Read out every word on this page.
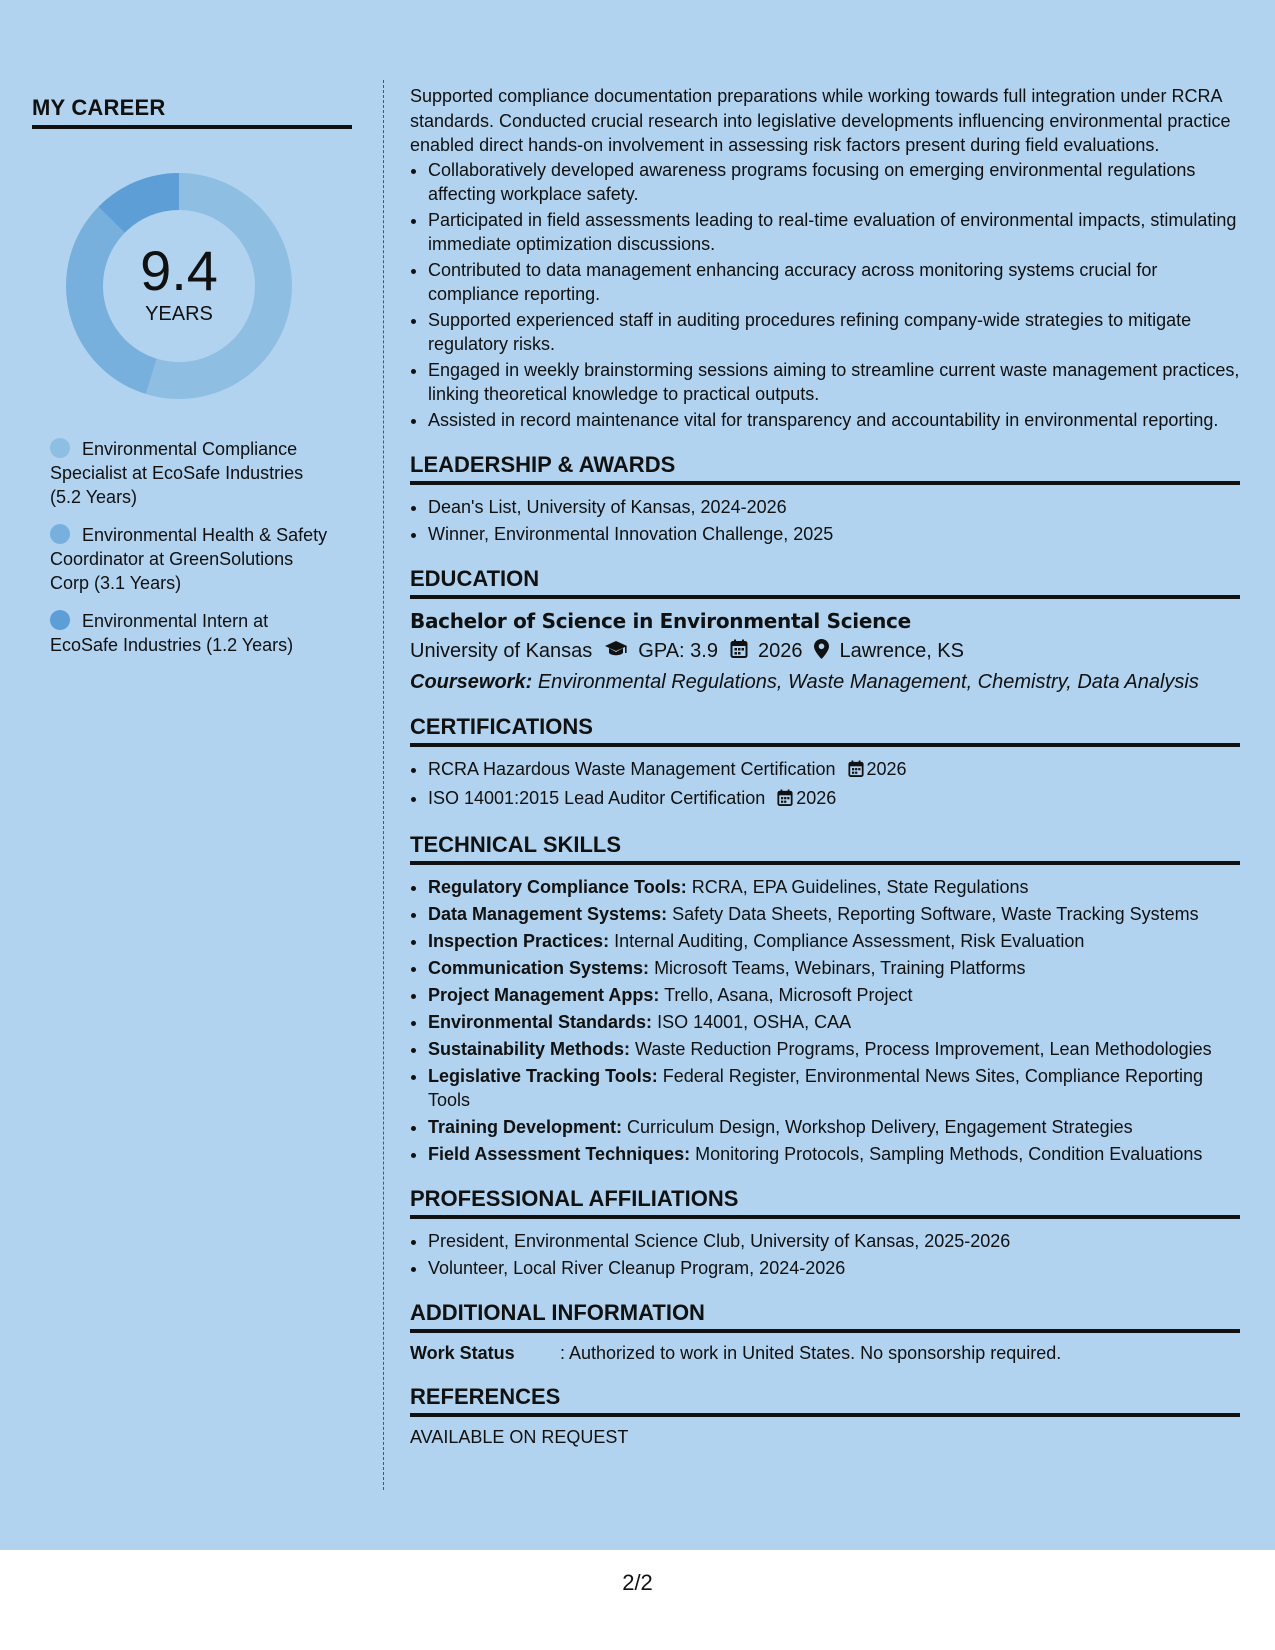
MY CAREER
9.4
YEARS
Environmental Compliance Specialist at EcoSafe Industries (5.2 Years)
Environmental Health & Safety Coordinator at GreenSolutions Corp (3.1 Years)
Environmental Intern at EcoSafe Industries (1.2 Years)

Supported compliance documentation preparations while working towards full integration under RCRA standards. Conducted crucial research into legislative developments influencing environmental practice enabled direct hands-on involvement in assessing risk factors present during field evaluations.

• Collaboratively developed awareness programs focusing on emerging environmental regulations affecting workplace safety.
• Participated in field assessments leading to real-time evaluation of environmental impacts, stimulating immediate optimization discussions.
• Contributed to data management enhancing accuracy across monitoring systems crucial for compliance reporting.
• Supported experienced staff in auditing procedures refining company-wide strategies to mitigate regulatory risks.
• Engaged in weekly brainstorming sessions aiming to streamline current waste management practices, linking theoretical knowledge to practical outputs.
• Assisted in record maintenance vital for transparency and accountability in environmental reporting.
LEADERSHIP & AWARDS
• Dean's List, University of Kansas, 2024-2026
• Winner, Environmental Innovation Challenge, 2025
EDUCATION
Bachelor of Science in Environmental Science
University of Kansas GPA: 3.9 2026 Lawrence, KS
Coursework: Environmental Regulations, Waste Management, Chemistry, Data Analysis
CERTIFICATIONS
• RCRA Hazardous Waste Management Certification 2026
• ISO 14001:2015 Lead Auditor Certification 2026
TECHNICAL SKILLS
• Regulatory Compliance Tools: RCRA, EPA Guidelines, State Regulations
• Data Management Systems: Safety Data Sheets, Reporting Software, Waste Tracking Systems
• Inspection Practices: Internal Auditing, Compliance Assessment, Risk Evaluation
• Communication Systems: Microsoft Teams, Webinars, Training Platforms
• Project Management Apps: Trello, Asana, Microsoft Project
• Environmental Standards: ISO 14001, OSHA, CAA
• Sustainability Methods: Waste Reduction Programs, Process Improvement, Lean Methodologies
• Legislative Tracking Tools: Federal Register, Environmental News Sites, Compliance Reporting Tools
• Training Development: Curriculum Design, Workshop Delivery, Engagement Strategies
• Field Assessment Techniques: Monitoring Protocols, Sampling Methods, Condition Evaluations
PROFESSIONAL AFFILIATIONS
• President, Environmental Science Club, University of Kansas, 2025-2026
• Volunteer, Local River Cleanup Program, 2024-2026
ADDITIONAL INFORMATION
Work Status	: Authorized to work in United States. No sponsorship required.
REFERENCES

AVAILABLE ON REQUEST

2/2
